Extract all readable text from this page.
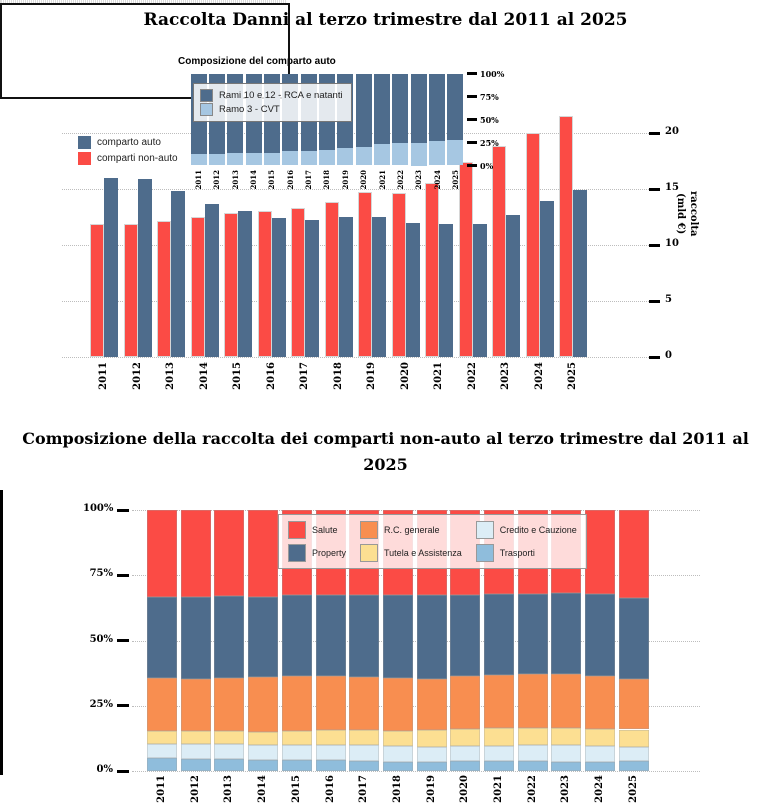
Raccolta Danni al terzo trimestre dal 2011 al 2025
0
5
10
15
20
2011 2012 2013 2014 2015 2016 2017 2018 2019 2020 2021 2022 2023 2024 2025
comparto auto
comparti non-auto
raccolta
(mld €)
Composizione del comparto auto
2011 2012 2013 2014 2015 2016 2017 2018 2019 2020 2021 2022 2023 2024 2025
100%
75%
50%
25%
0%
Rami 10 e 12 - RCA e natanti
Ramo 3 - CVT
Composizione della raccolta dei comparti non-auto al terzo trimestre dal 2011 al
2025
100%
75%
50%
25%
0%
2011 2012 2013 2014 2015 2016 2017 2018 2019 2020 2021 2022 2023 2024 2025
Salute	R.C. generale	Credito e Cauzione
Property	Tutela e Assistenza	Trasporti
